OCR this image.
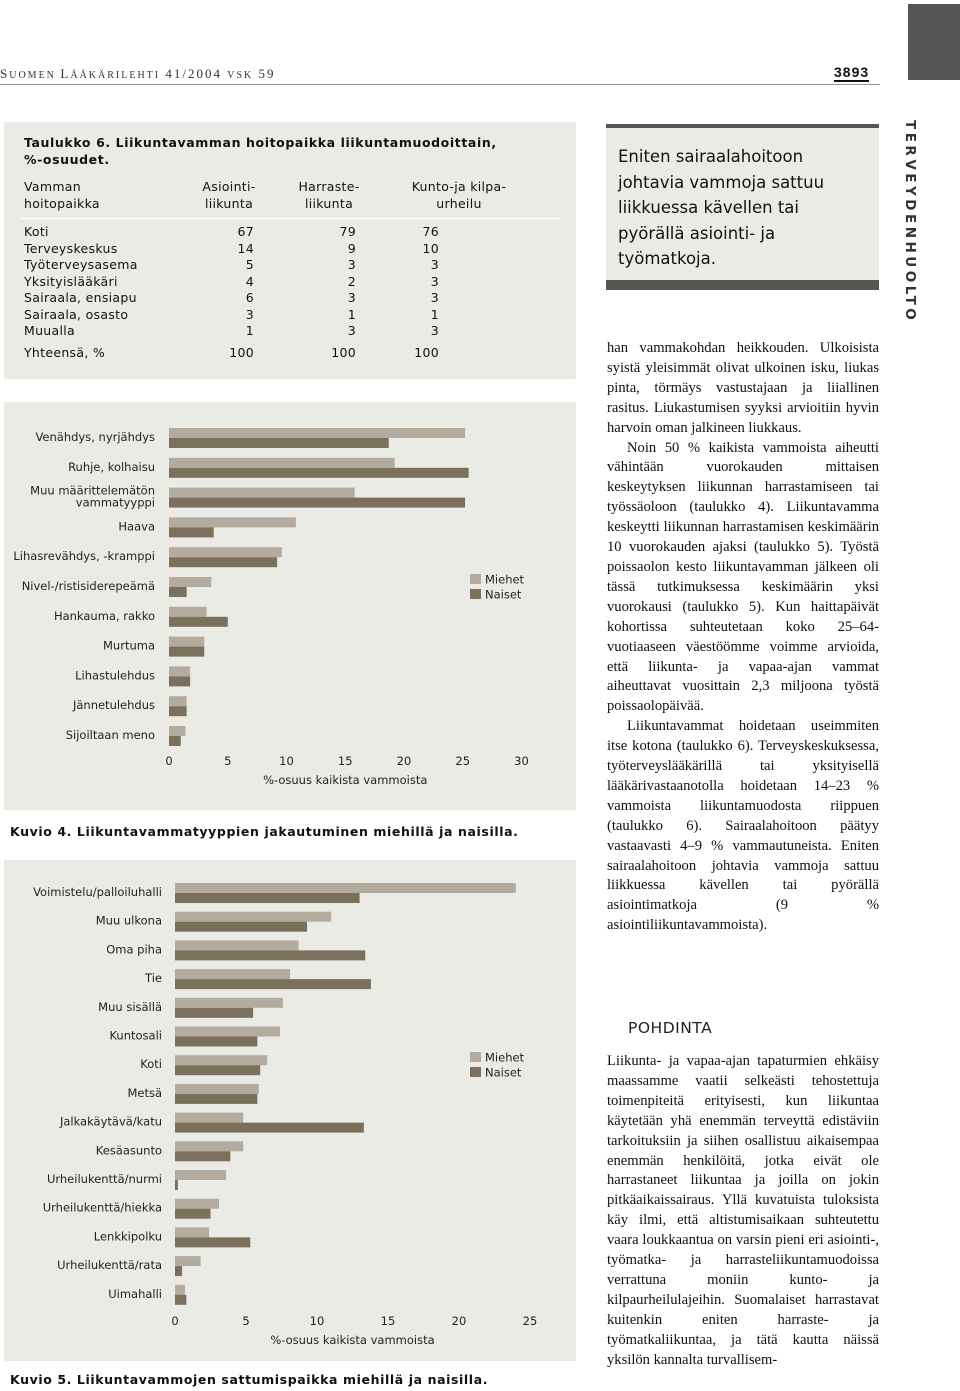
SUOMEN LÄÄKÄRILEHTI 41/2004 VSK 59	3893
TERVEYDENHUOLTO
Taulukko 6. Liikuntavamman hoitopaikka liikuntamuodoittain,
%-osuudet.
Vamman
hoitopaikka
Asiointi-
liikunta
Harraste-
liikunta
Kunto-ja kilpa-
urheilu
Koti	67	79	76
Terveyskeskus	14	9	10
Työterveysasema	5	3	3
Yksityislääkäri	4	2	3
Sairaala, ensiapu	6	3	3
Sairaala, osasto	3	1	1
Muualla	1	3	3
Yhteensä, %	100	100	100
Venähdys, nyrjähdys
Ruhje, kolhaisu
Muu määrittelemätön vammatyyppi
Haava
Lihasrevähdys, -kramppi
Nivel-/ristisiderepeämä
Hankauma, rakko
Murtuma
Lihastulehdus
Jännetulehdus
Sijoiltaan meno
0	5	10	15	20	25	30
%-osuus kaikista vammoista
Miehet
Naiset
Kuvio 4. Liikuntavammatyyppien jakautuminen miehillä ja naisilla.
Voimistelu/palloiluhalli
Muu ulkona
Oma piha
Tie
Muu sisällä
Kuntosali
Koti
Metsä
Jalkakäytävä/katu
Kesäasunto
Urheilukenttä/nurmi
Urheilukenttä/hiekka
Lenkkipolku
Urheilukenttä/rata
Uimahalli
0	5	10	15	20	25
%-osuus kaikista vammoista
Miehet
Naiset
Kuvio 5. Liikuntavammojen sattumispaikka miehillä ja naisilla.

Eniten sairaalahoitoon johtavia vammoja sattuu liikkuessa kävellen tai pyörällä asiointi- ja työmatkoja.

han vammakohdan heikkouden. Ulkoisista syistä yleisimmät olivat ulkoinen isku, liukas pinta, törmäys vastustajaan ja liiallinen rasitus. Liukastumisen syyksi arvioitiin hyvin harvoin oman jalkineen liukkaus.

Noin 50 % kaikista vammoista aiheutti vähintään vuorokauden mittaisen keskeytyksen liikunnan harrastamiseen tai työssäoloon (taulukko 4). Liikuntavamma keskeytti liikunnan harrastamisen keskimäärin 10 vuorokauden ajaksi (taulukko 5). Työstä poissaolon kesto liikuntavamman jälkeen oli tässä tutkimuksessa keskimäärin yksi vuorokausi (taulukko 5). Kun haittapäivät kohortissa suhteutetaan koko 25–64-vuotiaaseen väestöömme voimme arvioida, että liikunta- ja vapaa-ajan vammat aiheuttavat vuosittain 2,3 miljoona työstä poissaolopäivää.

Liikuntavammat hoidetaan useimmiten itse kotona (taulukko 6). Terveyskeskuksessa, työterveyslääkärillä tai yksityisellä lääkärivastaanotolla hoidetaan 14–23 % vammoista liikuntamuodosta riippuen (taulukko 6). Sairaalahoitoon päätyy vastaavasti 4–9 % vammautuneista. Eniten sairaalahoitoon johtavia vammoja sattuu liikkuessa kävellen tai pyörällä asiointimatkoja (9 % asiointiliikuntavammoista).

POHDINTA

Liikunta- ja vapaa-ajan tapaturmien ehkäisy maassamme vaatii selkeästi tehostettuja toimenpiteitä erityisesti, kun liikuntaa käytetään yhä enemmän terveyttä edistäviin tarkoituksiin ja siihen osallistuu aikaisempaa enemmän henkilöitä, jotka eivät ole harrastaneet liikuntaa ja joilla on jokin pitkäaikaissairaus. Yllä kuvatuista tuloksista käy ilmi, että altistumisaikaan suhteutettu vaara loukkaantua on varsin pieni eri asiointi-, työmatka- ja harrasteliikuntamuodoissa verrattuna moniin kunto- ja kilpaurheilulajeihin. Suomalaiset harrastavat kuitenkin eniten harraste- ja työmatkaliikuntaa, ja tätä kautta näissä yksilön kannalta turvallisem-
